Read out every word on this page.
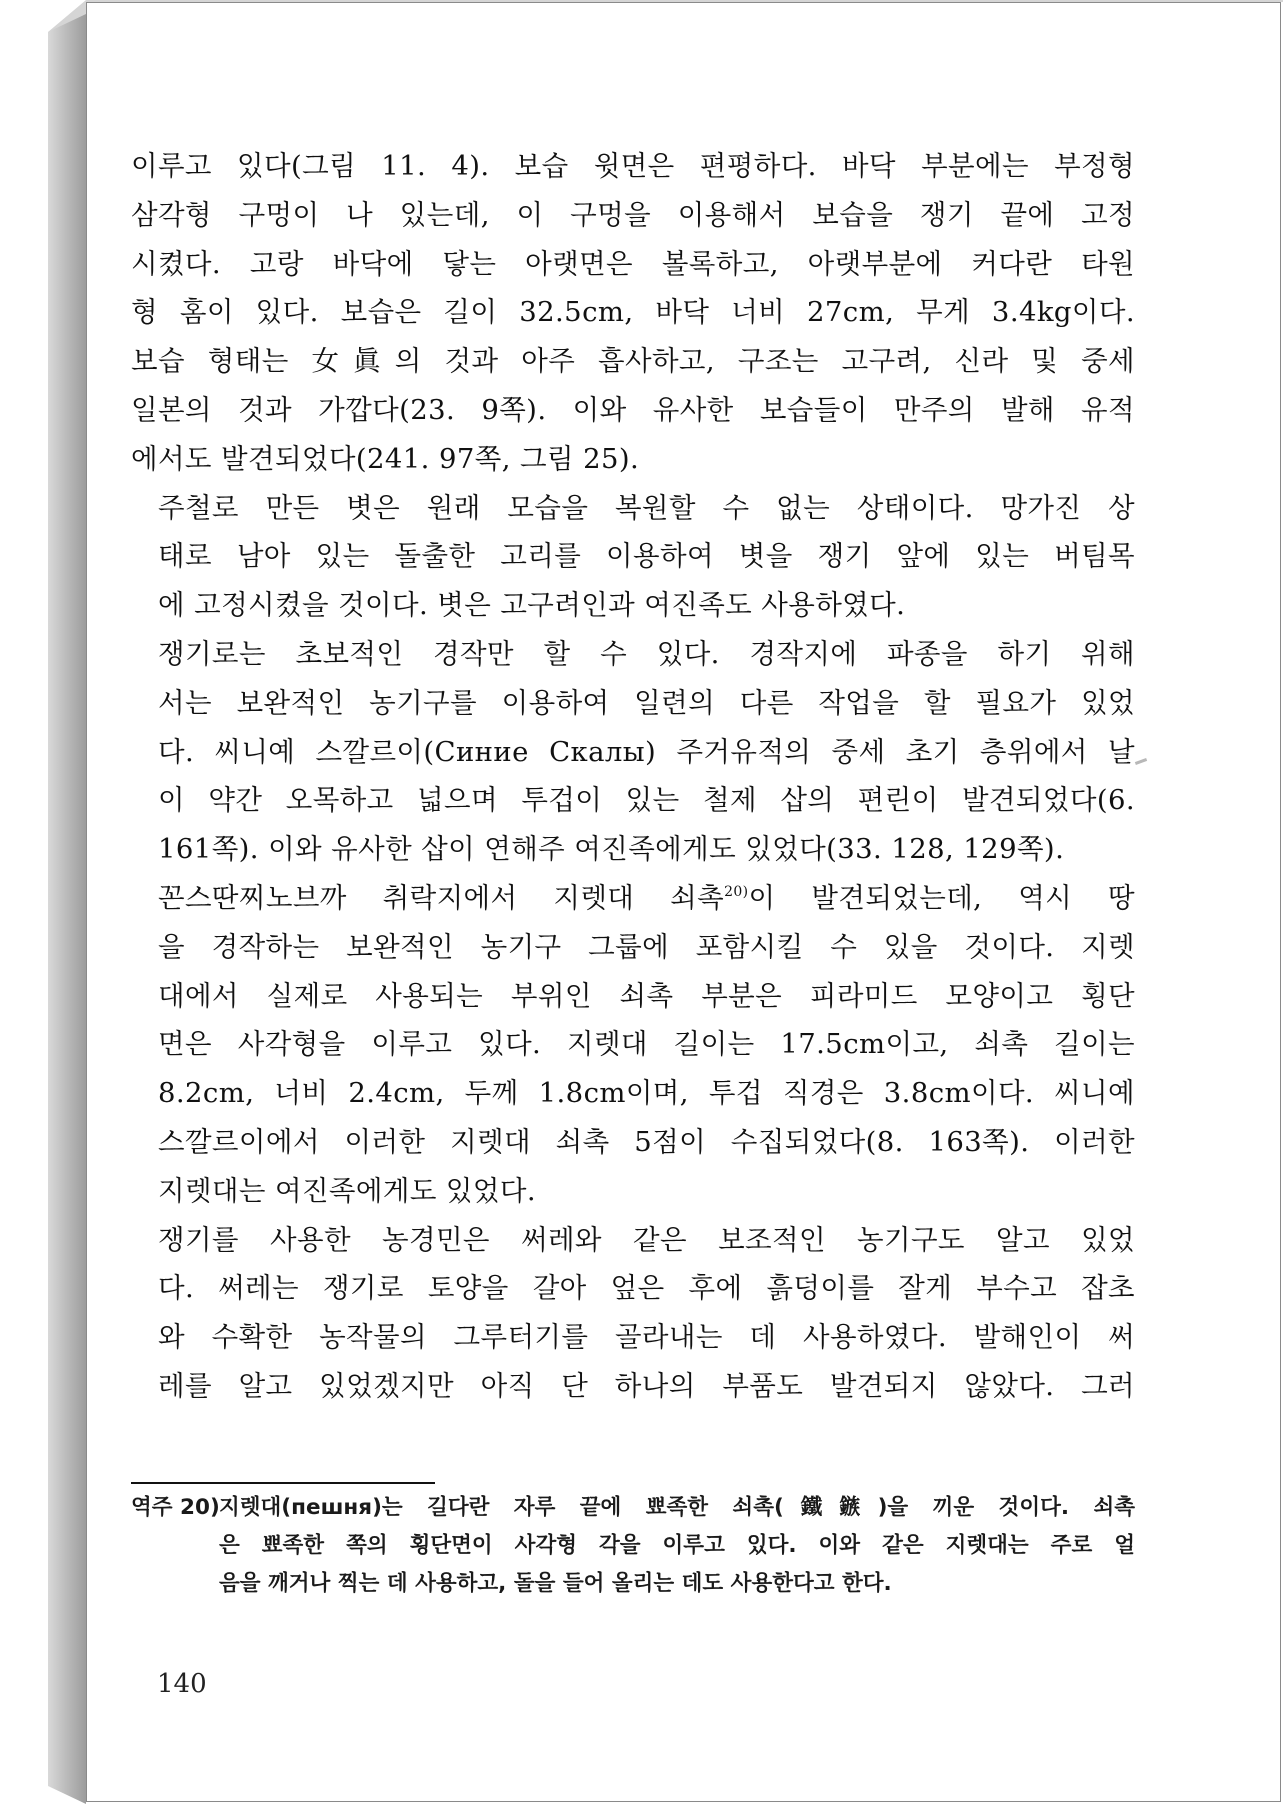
이루고 있다(그림 11. 4). 보습 윗면은 편평하다. 바닥 부분에는 부정형
삼각형 구멍이 나 있는데, 이 구멍을 이용해서 보습을 쟁기 끝에 고정
시켰다. 고랑 바닥에 닿는 아랫면은 볼록하고, 아랫부분에 커다란 타원
형 홈이 있다. 보습은 길이 32.5cm, 바닥 너비 27cm, 무게 3.4kg이다.
보습 형태는 女眞의 것과 아주 흡사하고, 구조는 고구려, 신라 및 중세
일본의 것과 가깝다(23. 9쪽). 이와 유사한 보습들이 만주의 발해 유적
에서도 발견되었다(241. 97쪽, 그림 25).

주철로 만든 볏은 원래 모습을 복원할 수 없는 상태이다. 망가진 상
태로 남아 있는 돌출한 고리를 이용하여 볏을 쟁기 앞에 있는 버팀목
에 고정시켰을 것이다. 볏은 고구려인과 여진족도 사용하였다.

쟁기로는 초보적인 경작만 할 수 있다. 경작지에 파종을 하기 위해
서는 보완적인 농기구를 이용하여 일련의 다른 작업을 할 필요가 있었
다. 씨니예 스깔르이(Синие Скалы) 주거유적의 중세 초기 층위에서 날
이 약간 오목하고 넓으며 투겁이 있는 철제 삽의 편린이 발견되었다(6.
161쪽). 이와 유사한 삽이 연해주 여진족에게도 있었다(33. 128, 129쪽).

꼰스딴찌노브까 취락지에서 지렛대 쇠촉$^{20)}$이 발견되었는데, 역시 땅
을 경작하는 보완적인 농기구 그룹에 포함시킬 수 있을 것이다. 지렛
대에서 실제로 사용되는 부위인 쇠촉 부분은 피라미드 모양이고 횡단
면은 사각형을 이루고 있다. 지렛대 길이는 17.5cm이고, 쇠촉 길이는
8.2cm, 너비 2.4cm, 두께 1.8cm이며, 투겁 직경은 3.8cm이다. 씨니예
스깔르이에서 이러한 지렛대 쇠촉 5점이 수집되었다(8. 163쪽). 이러한
지렛대는 여진족에게도 있었다.

쟁기를 사용한 농경민은 써레와 같은 보조적인 농기구도 알고 있었
다. 써레는 쟁기로 토양을 갈아 엎은 후에 흙덩이를 잘게 부수고 잡초
와 수확한 농작물의 그루터기를 골라내는 데 사용하였다. 발해인이 써
레를 알고 있었겠지만 아직 단 하나의 부품도 발견되지 않았다. 그러

역주 20) 지렛대(пешня)는 길다란 자루 끝에 뾰족한 쇠촉(鐵鏃)을 끼운 것이다. 쇠촉
은 뾰족한 쪽의 횡단면이 사각형 각을 이루고 있다. 이와 같은 지렛대는 주로 얼
음을 깨거나 찍는 데 사용하고, 돌을 들어 올리는 데도 사용한다고 한다.
140
